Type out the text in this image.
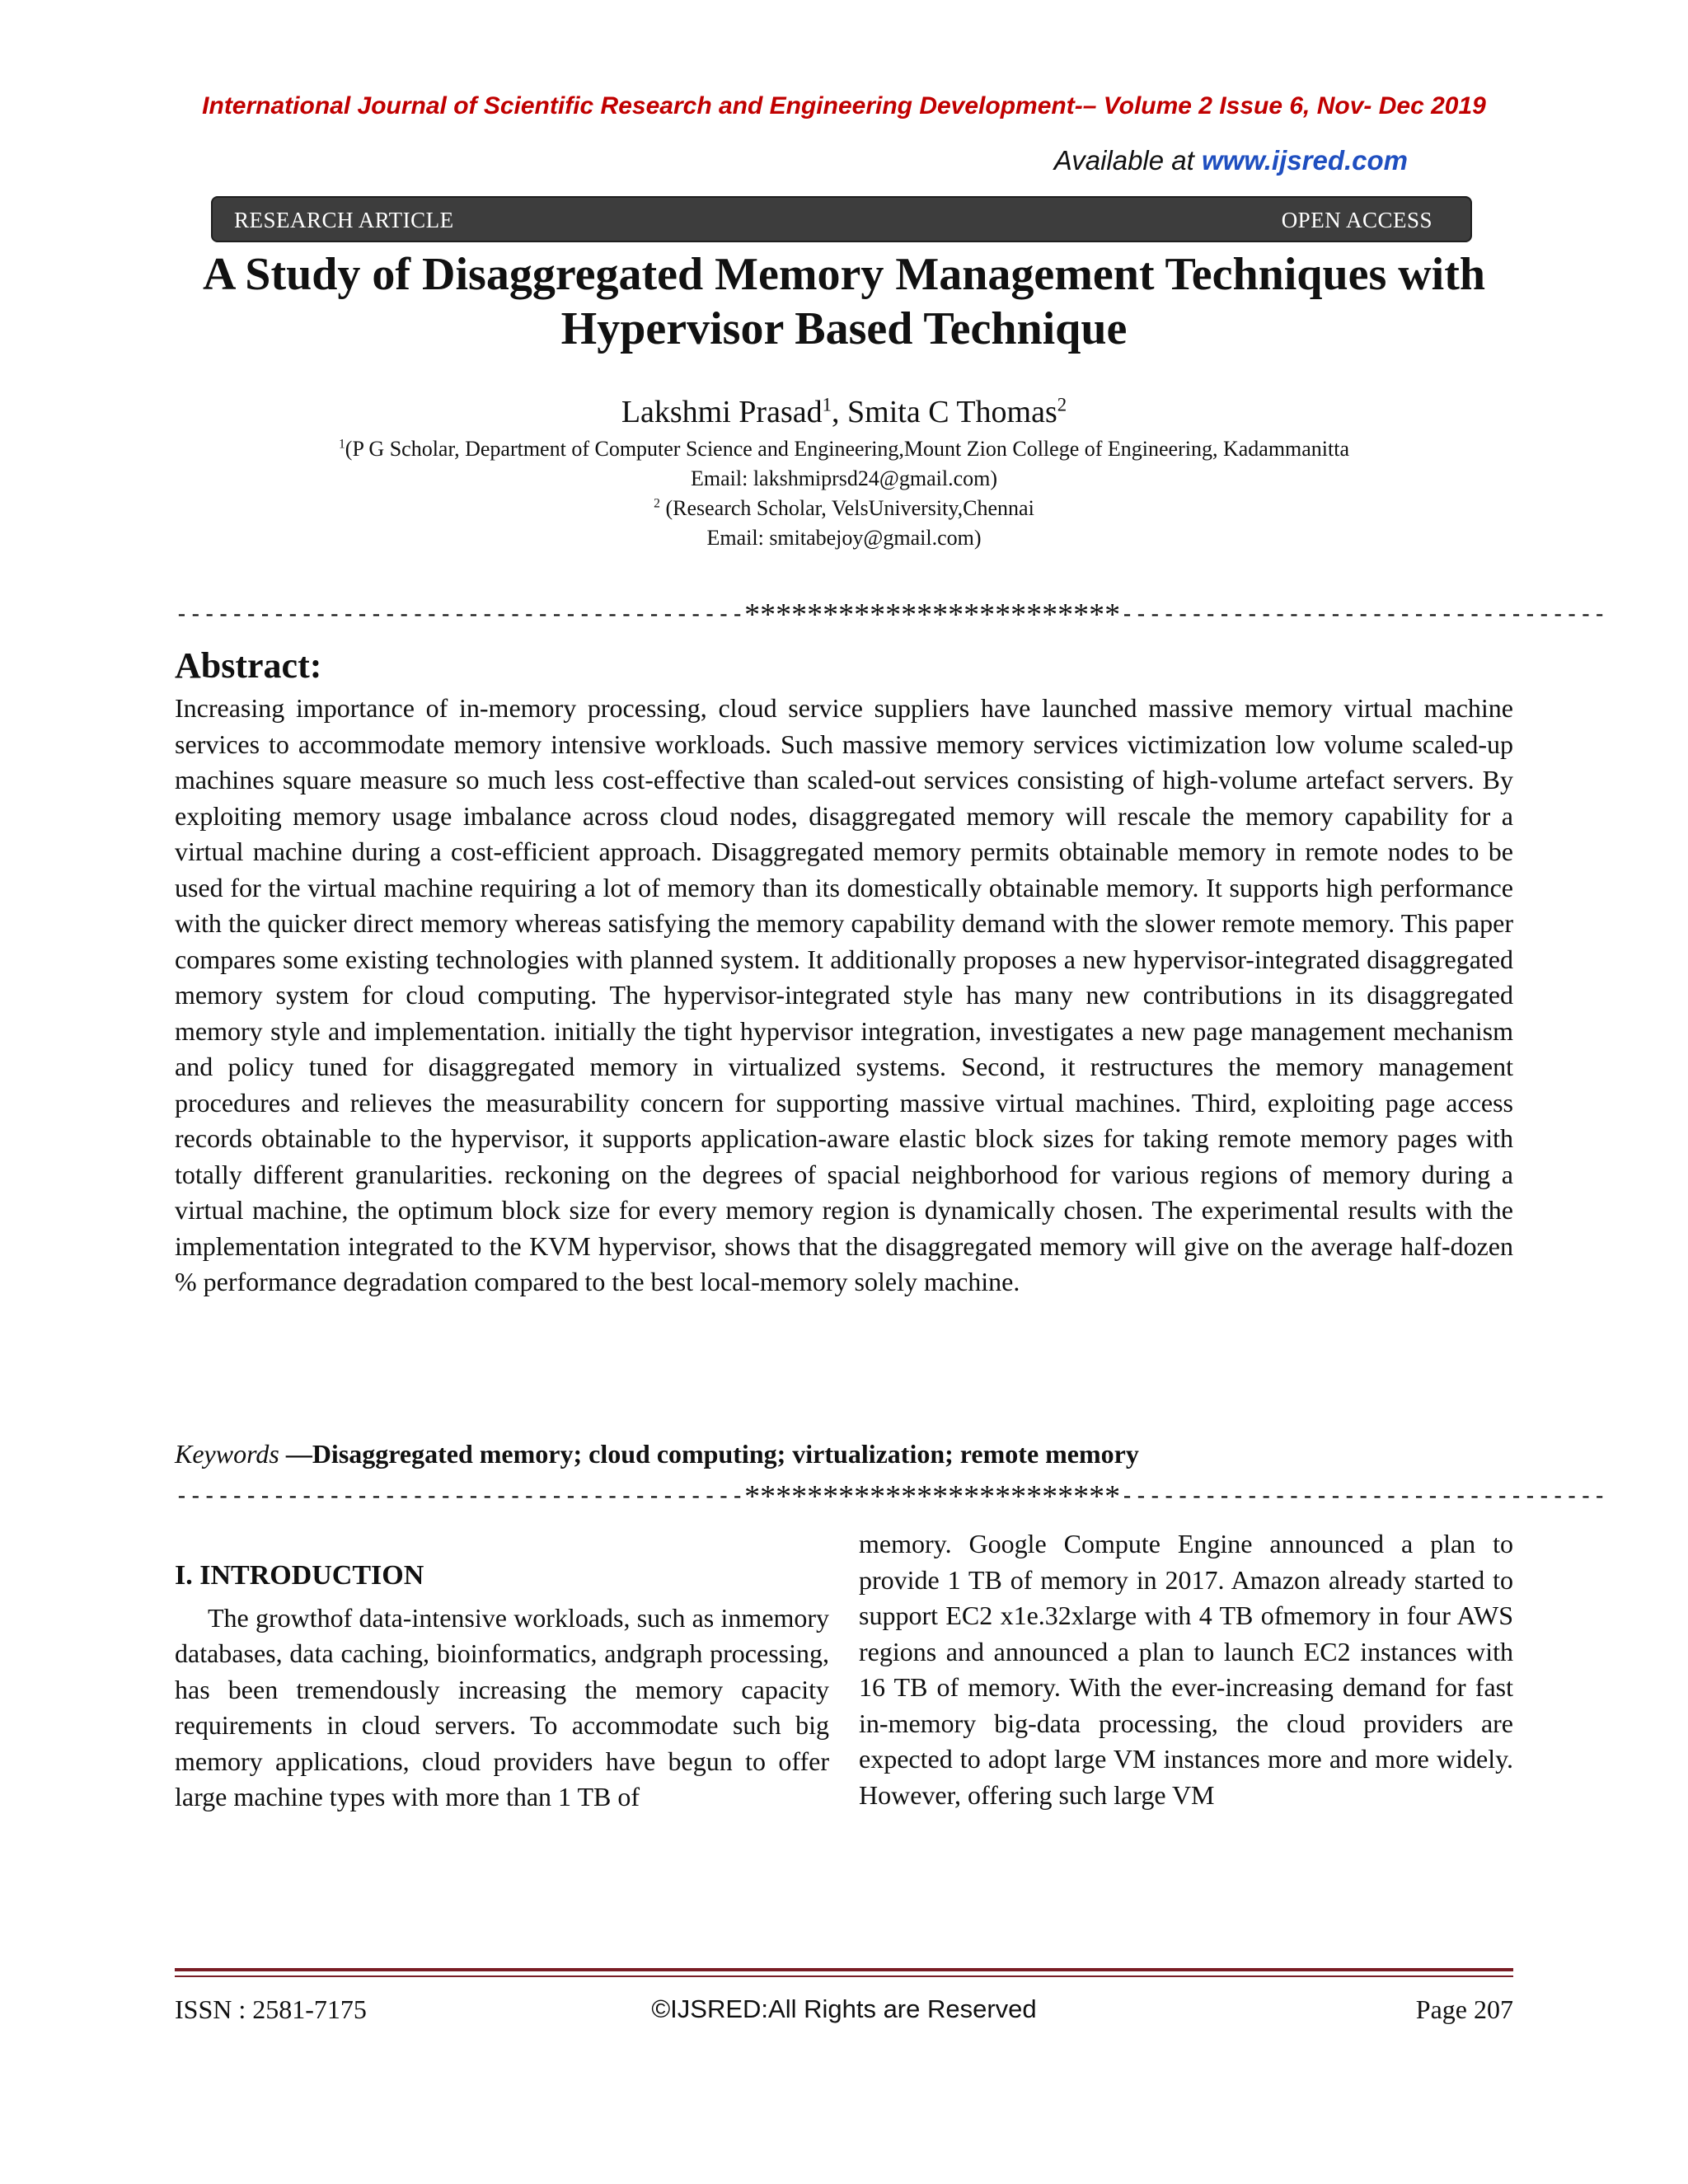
International Journal of Scientific Research and Engineering Development-– Volume 2 Issue 6, Nov- Dec 2019
Available at www.ijsred.com
RESEARCH ARTICLE	OPEN ACCESS
A Study of Disaggregated Memory Management Techniques with
Hypervisor Based Technique
Lakshmi Prasad$^1$, Smita C Thomas$^2$
$^1$(P G Scholar, Department of Computer Science and Engineering,Mount Zion College of Engineering, Kadammanitta
Email: lakshmiprsd24@gmail.com)
$^2$ (Research Scholar, VelsUniversity,Chennai
Email: smitabejoy@gmail.com)
-----------------------------------------************************-----------------------------------
Abstract:

Increasing importance of in-memory processing, cloud service suppliers have launched massive memory virtual machine services to accommodate memory intensive workloads. Such massive memory services victimization low volume scaled-up machines square measure so much less cost-effective than scaled-out services consisting of high-volume artefact servers. By exploiting memory usage imbalance across cloud nodes, disaggregated memory will rescale the memory capability for a virtual machine during a cost-efficient approach. Disaggregated memory permits obtainable memory in remote nodes to be used for the virtual machine requiring a lot of memory than its domestically obtainable memory. It supports high performance with the quicker direct memory whereas satisfying the memory capability demand with the slower remote memory. This paper compares some existing technologies with planned system. It additionally proposes a new hypervisor-integrated disaggregated memory system for cloud computing. The hypervisor-integrated style has many new contributions in its disaggregated memory style and implementation. initially the tight hypervisor integration, investigates a new page management mechanism and policy tuned for disaggregated memory in virtualized systems. Second, it restructures the memory management procedures and relieves the measurability concern for supporting massive virtual machines. Third, exploiting page access records obtainable to the hypervisor, it supports application-aware elastic block sizes for taking remote memory pages with totally different granularities. reckoning on the degrees of spacial neighborhood for various regions of memory during a virtual machine, the optimum block size for every memory region is dynamically chosen. The experimental results with the implementation integrated to the KVM hypervisor, shows that the disaggregated memory will give on the average half-dozen % performance degradation compared to the best local-memory solely machine.

Keywords —Disaggregated memory; cloud computing; virtualization; remote memory
-----------------------------------------************************-----------------------------------
I. INTRODUCTION

The growthof data-intensive workloads, such as inmemory databases, data caching, bioinformatics, andgraph processing, has been tremendously increasing the memory capacity requirements in cloud servers. To accommodate such big memory applications, cloud providers have begun to offer large machine types with more than 1 TB of

memory. Google Compute Engine announced a plan to provide 1 TB of memory in 2017. Amazon already started to support EC2 x1e.32xlarge with 4 TB ofmemory in four AWS regions and announced a plan to launch EC2 instances with 16 TB of memory. With the ever-increasing demand for fast in-memory big-data processing, the cloud providers are expected to adopt large VM instances more and more widely. However, offering such large VM

ISSN : 2581-7175	©IJSRED:All Rights are Reserved	Page 207
